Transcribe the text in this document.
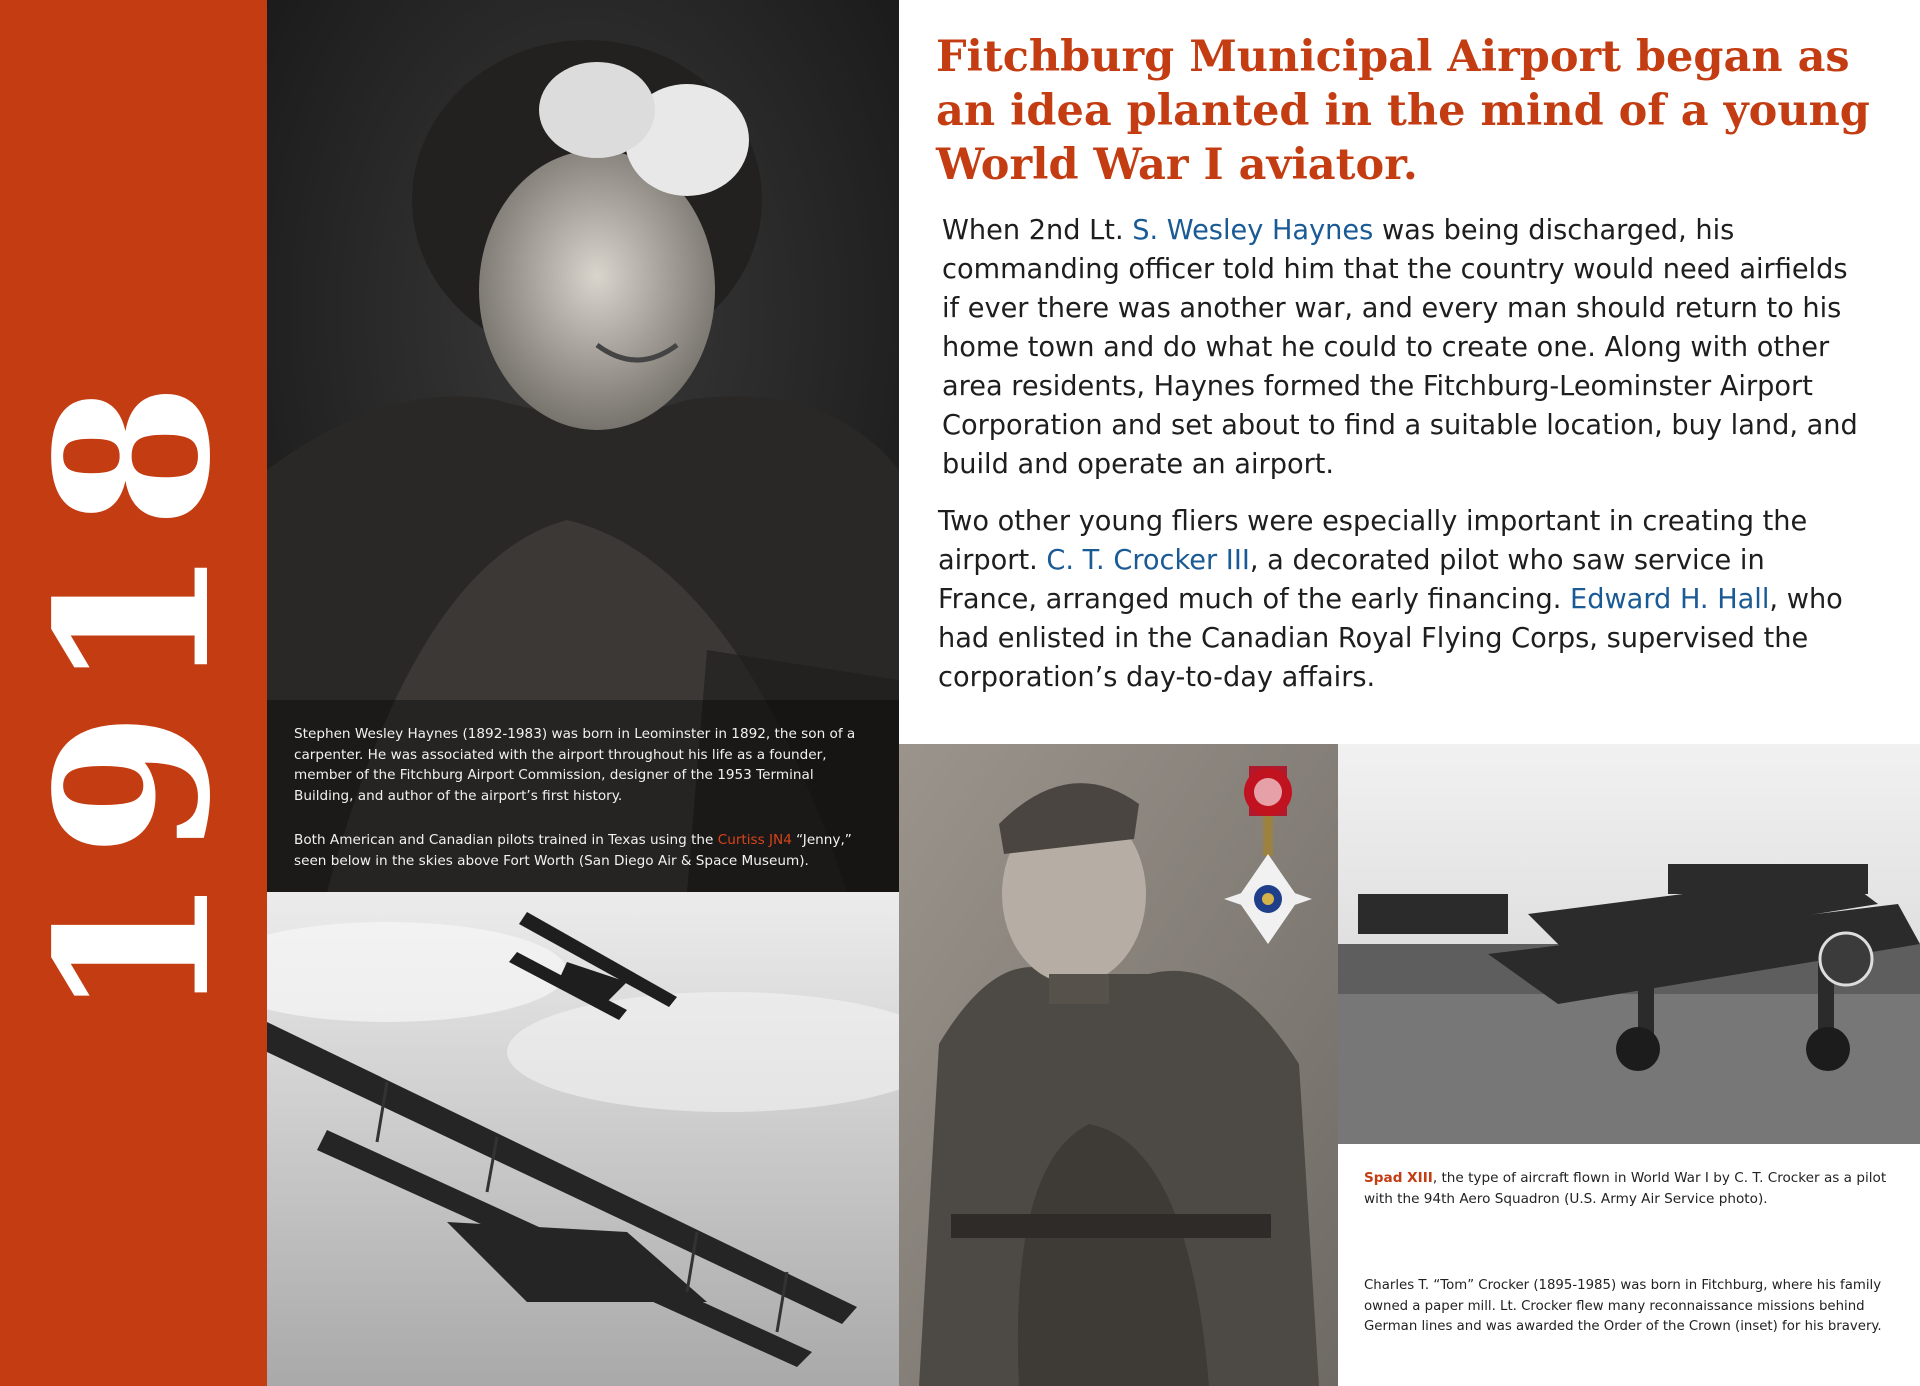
1918
Fitchburg Municipal Airport began as an idea planted in the mind of a young World War I aviator.

When 2nd Lt. S. Wesley Haynes was being discharged, his commanding officer told him that the country would need airfields if ever there was another war, and every man should return to his home town and do what he could to create one. Along with other area residents, Haynes formed the Fitchburg-Leominster Airport Corporation and set about to find a suitable location, buy land, and build and operate an airport.

Two other young fliers were especially important in creating the airport. C. T. Crocker III, a decorated pilot who saw service in France, arranged much of the early financing. Edward H. Hall, who had enlisted in the Canadian Royal Flying Corps, supervised the corporation’s day-to-day affairs.

Stephen Wesley Haynes (1892-1983) was born in Leominster in 1892, the son of a carpenter. He was associated with the airport throughout his life as a founder, member of the Fitchburg Airport Commission, designer of the 1953 Terminal Building, and author of the airport’s first history.

Both American and Canadian pilots trained in Texas using the Curtiss JN4 “Jenny,” seen below in the skies above Fort Worth (San Diego Air & Space Museum).

Spad XIII, the type of aircraft flown in World War I by C. T. Crocker as a pilot with the 94th Aero Squadron (U.S. Army Air Service photo).

Charles T. “Tom” Crocker (1895-1985) was born in Fitchburg, where his family owned a paper mill. Lt. Crocker flew many reconnaissance missions behind German lines and was awarded the Order of the Crown (inset) for his bravery.
